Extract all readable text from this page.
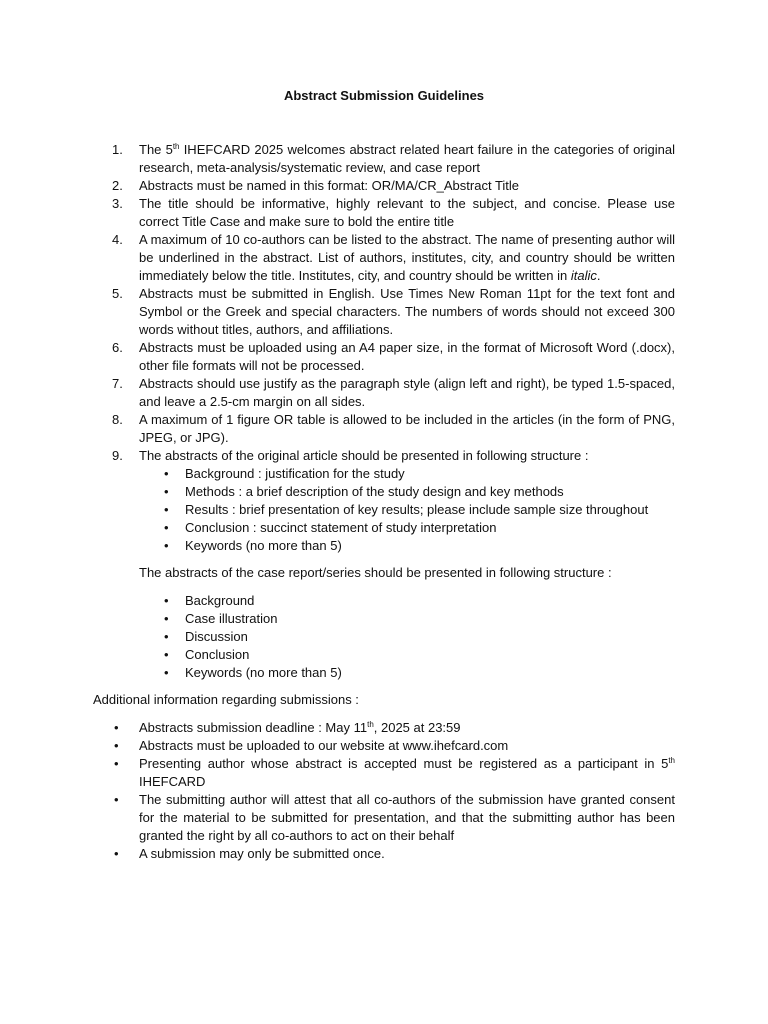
Abstract Submission Guidelines
1. The 5th IHEFCARD 2025 welcomes abstract related heart failure in the categories of original research, meta-analysis/systematic review, and case report
2. Abstracts must be named in this format: OR/MA/CR_Abstract Title
3. The title should be informative, highly relevant to the subject, and concise. Please use correct Title Case and make sure to bold the entire title
4. A maximum of 10 co-authors can be listed to the abstract. The name of presenting author will be underlined in the abstract. List of authors, institutes, city, and country should be written immediately below the title. Institutes, city, and country should be written in italic.
5. Abstracts must be submitted in English. Use Times New Roman 11pt for the text font and Symbol or the Greek and special characters. The numbers of words should not exceed 300 words without titles, authors, and affiliations.
6. Abstracts must be uploaded using an A4 paper size, in the format of Microsoft Word (.docx), other file formats will not be processed.
7. Abstracts should use justify as the paragraph style (align left and right), be typed 1.5-spaced, and leave a 2.5-cm margin on all sides.
8. A maximum of 1 figure OR table is allowed to be included in the articles (in the form of PNG, JPEG, or JPG).
9. The abstracts of the original article should be presented in following structure :
• Background : justification for the study
• Methods : a brief description of the study design and key methods
• Results : brief presentation of key results; please include sample size throughout
• Conclusion : succinct statement of study interpretation
• Keywords (no more than 5)

The abstracts of the case report/series should be presented in following structure :

• Background
• Case illustration
• Discussion
• Conclusion
• Keywords (no more than 5)

Additional information regarding submissions :

• Abstracts submission deadline : May 11th, 2025 at 23:59
• Abstracts must be uploaded to our website at www.ihefcard.com
• Presenting author whose abstract is accepted must be registered as a participant in 5th IHEFCARD
• The submitting author will attest that all co-authors of the submission have granted consent for the material to be submitted for presentation, and that the submitting author has been granted the right by all co-authors to act on their behalf
• A submission may only be submitted once.
